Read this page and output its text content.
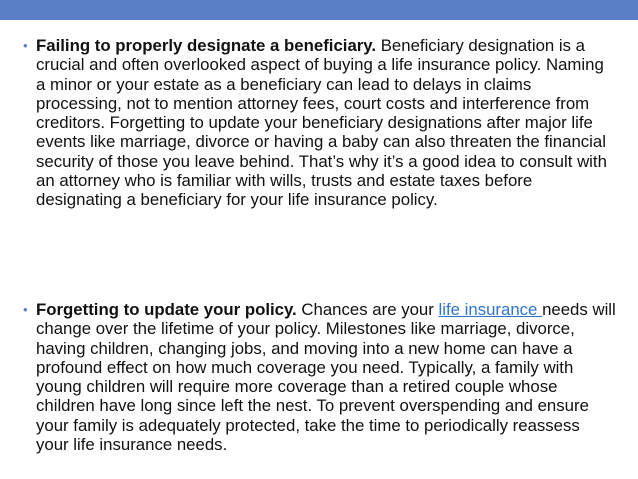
• Failing to properly designate a beneficiary. Beneficiary designation is a crucial and often overlooked aspect of buying a life insurance policy. Naming a minor or your estate as a beneficiary can lead to delays in claims processing, not to mention attorney fees, court costs and interference from creditors. Forgetting to update your beneficiary designations after major life events like marriage, divorce or having a baby can also threaten the financial security of those you leave behind. That’s why it’s a good idea to consult with an attorney who is familiar with wills, trusts and estate taxes before designating a beneficiary for your life insurance policy.
• Forgetting to update your policy. Chances are your life insurance needs will change over the lifetime of your policy. Milestones like marriage, divorce, having children, changing jobs, and moving into a new home can have a profound effect on how much coverage you need. Typically, a family with young children will require more coverage than a retired couple whose children have long since left the nest. To prevent overspending and ensure your family is adequately protected, take the time to periodically reassess your life insurance needs.
